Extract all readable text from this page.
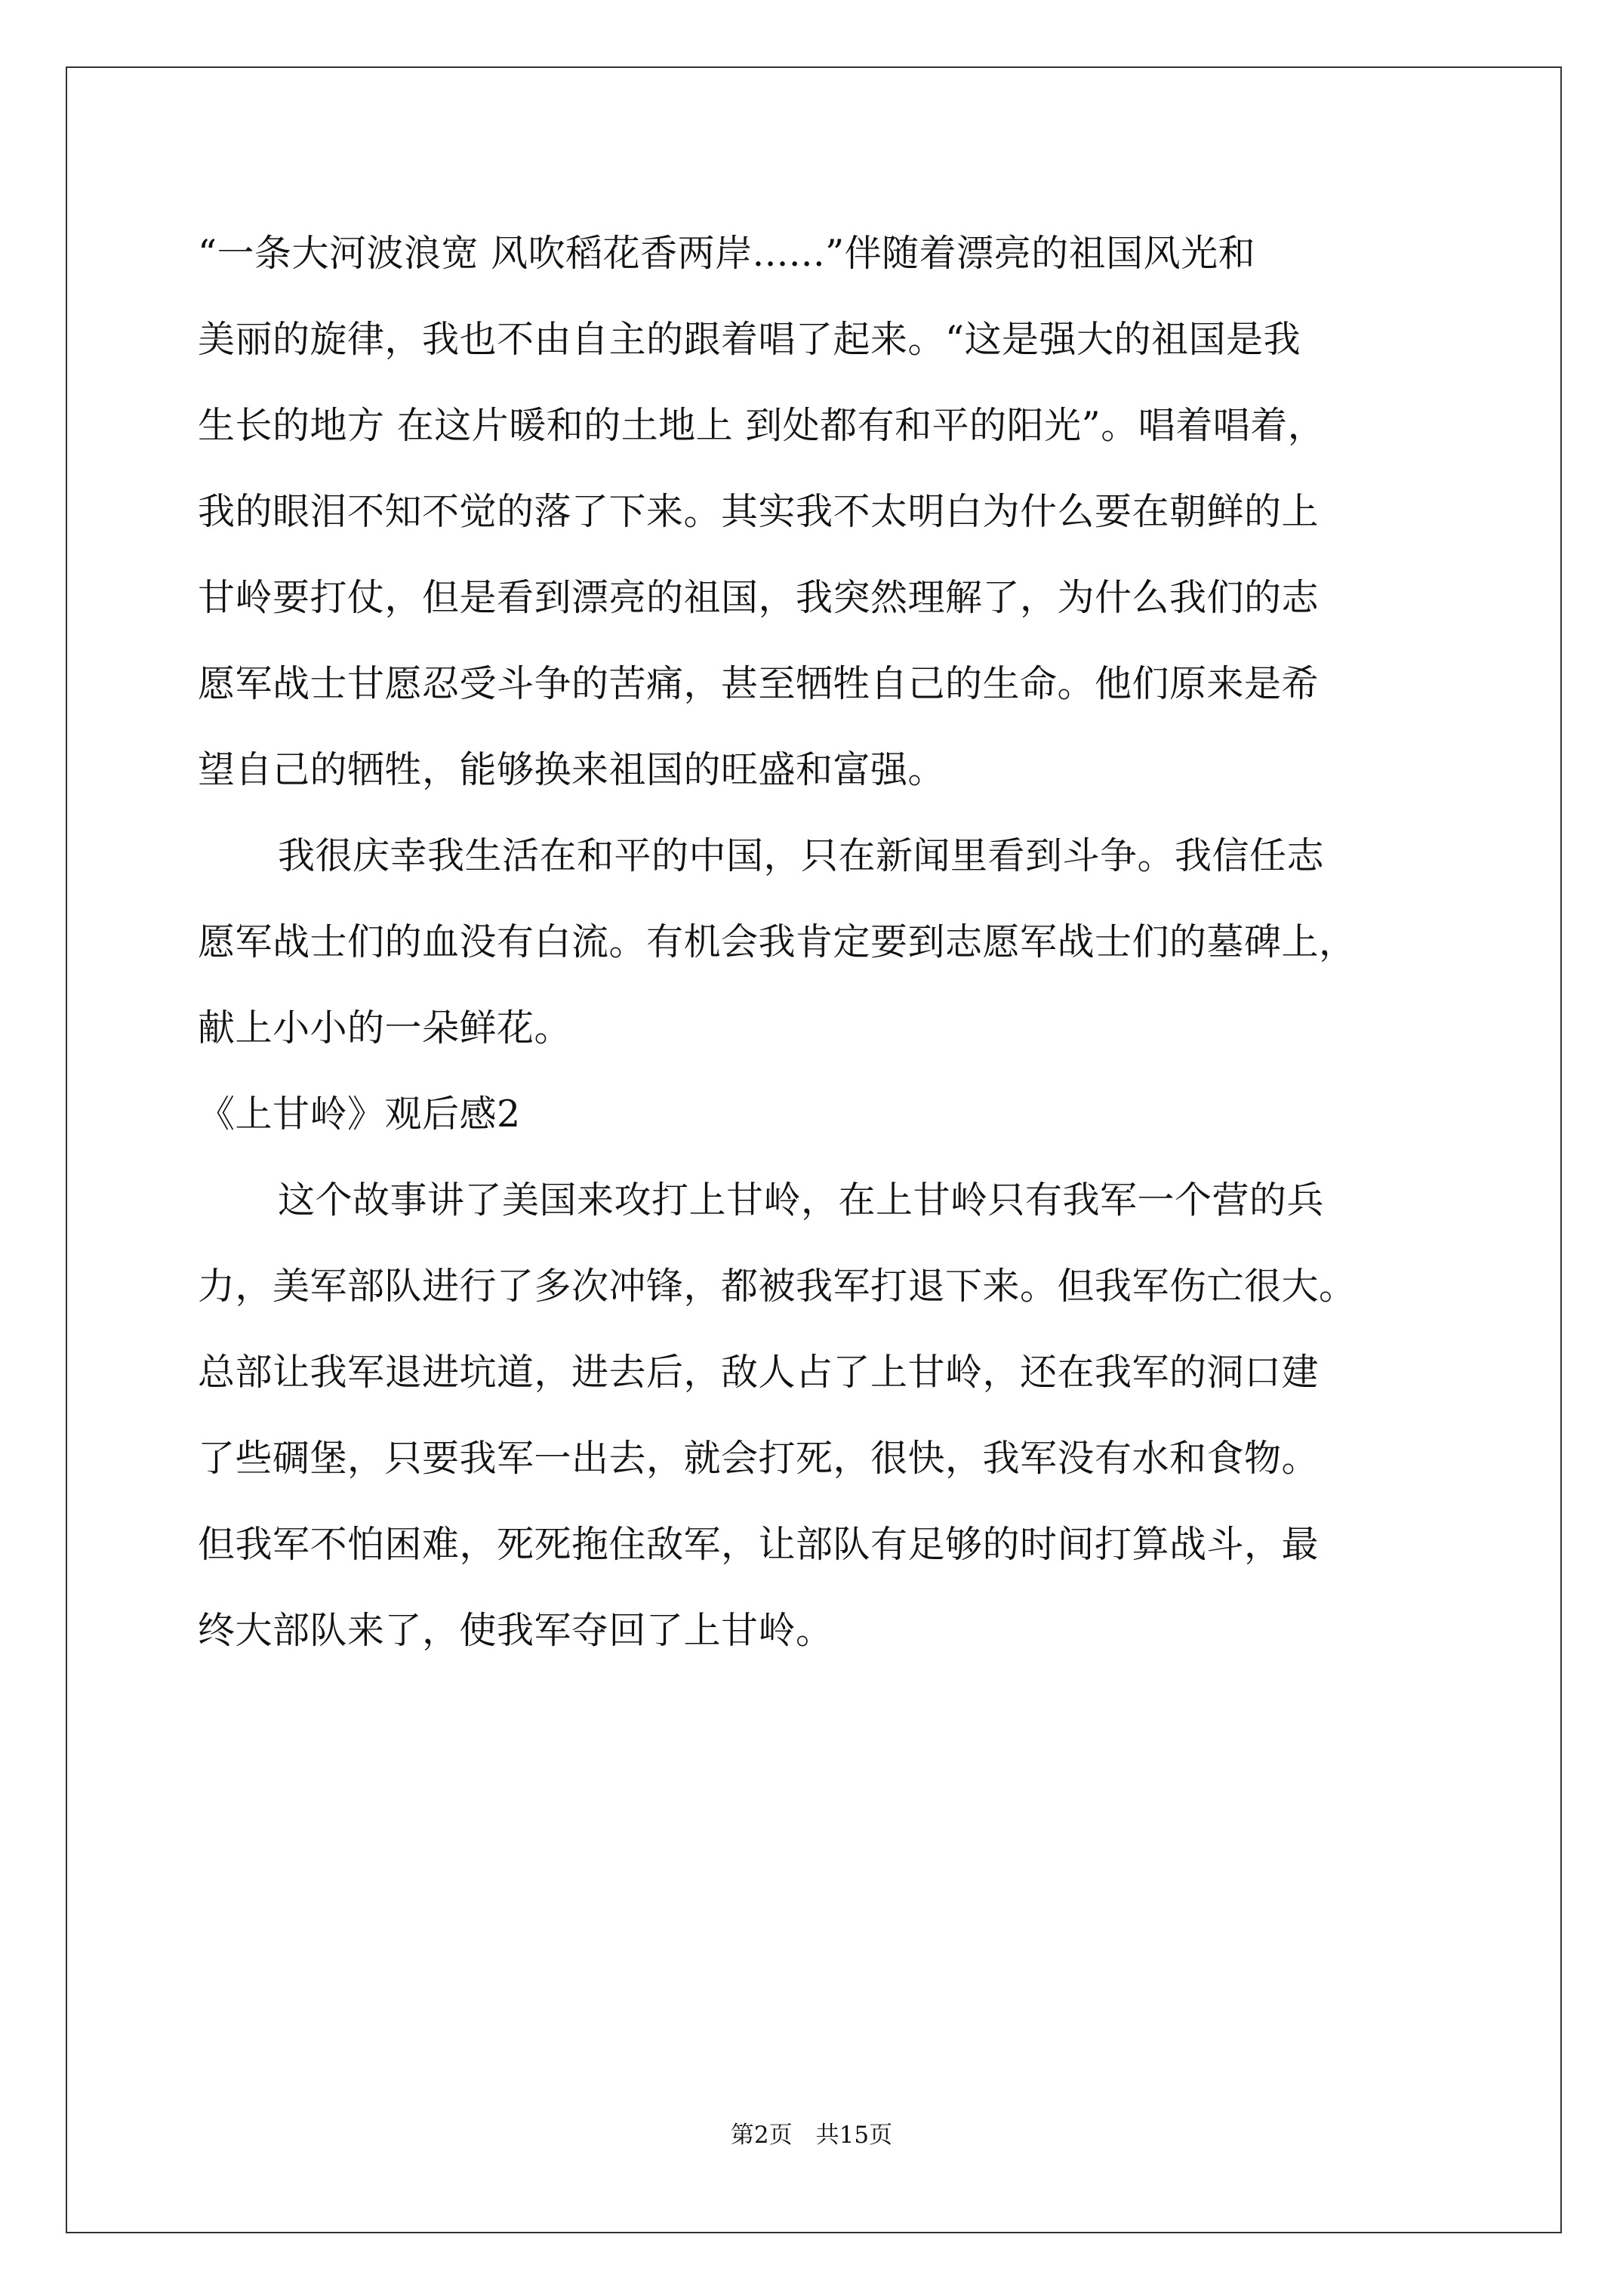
“一条大河波浪宽 风吹稻花香两岸......”伴随着漂亮的祖国风光和
美丽的旋律，我也不由自主的跟着唱了起来。“这是强大的祖国是我
生长的地方 在这片暖和的土地上 到处都有和平的阳光”。唱着唱着，
我的眼泪不知不觉的落了下来。其实我不太明白为什么要在朝鲜的上
甘岭要打仗，但是看到漂亮的祖国，我突然理解了，为什么我们的志
愿军战士甘愿忍受斗争的苦痛，甚至牺牲自己的生命。他们原来是希
望自己的牺牲，能够换来祖国的旺盛和富强。
我很庆幸我生活在和平的中国，只在新闻里看到斗争。我信任志
愿军战士们的血没有白流。有机会我肯定要到志愿军战士们的墓碑上，
献上小小的一朵鲜花。
《上甘岭》观后感2
这个故事讲了美国来攻打上甘岭，在上甘岭只有我军一个营的兵
力，美军部队进行了多次冲锋，都被我军打退下来。但我军伤亡很大。
总部让我军退进坑道，进去后，敌人占了上甘岭，还在我军的洞口建
了些碉堡，只要我军一出去，就会打死，很快，我军没有水和食物。
但我军不怕困难，死死拖住敌军，让部队有足够的时间打算战斗，最
终大部队来了，使我军夺回了上甘岭。
第2页　共15页
